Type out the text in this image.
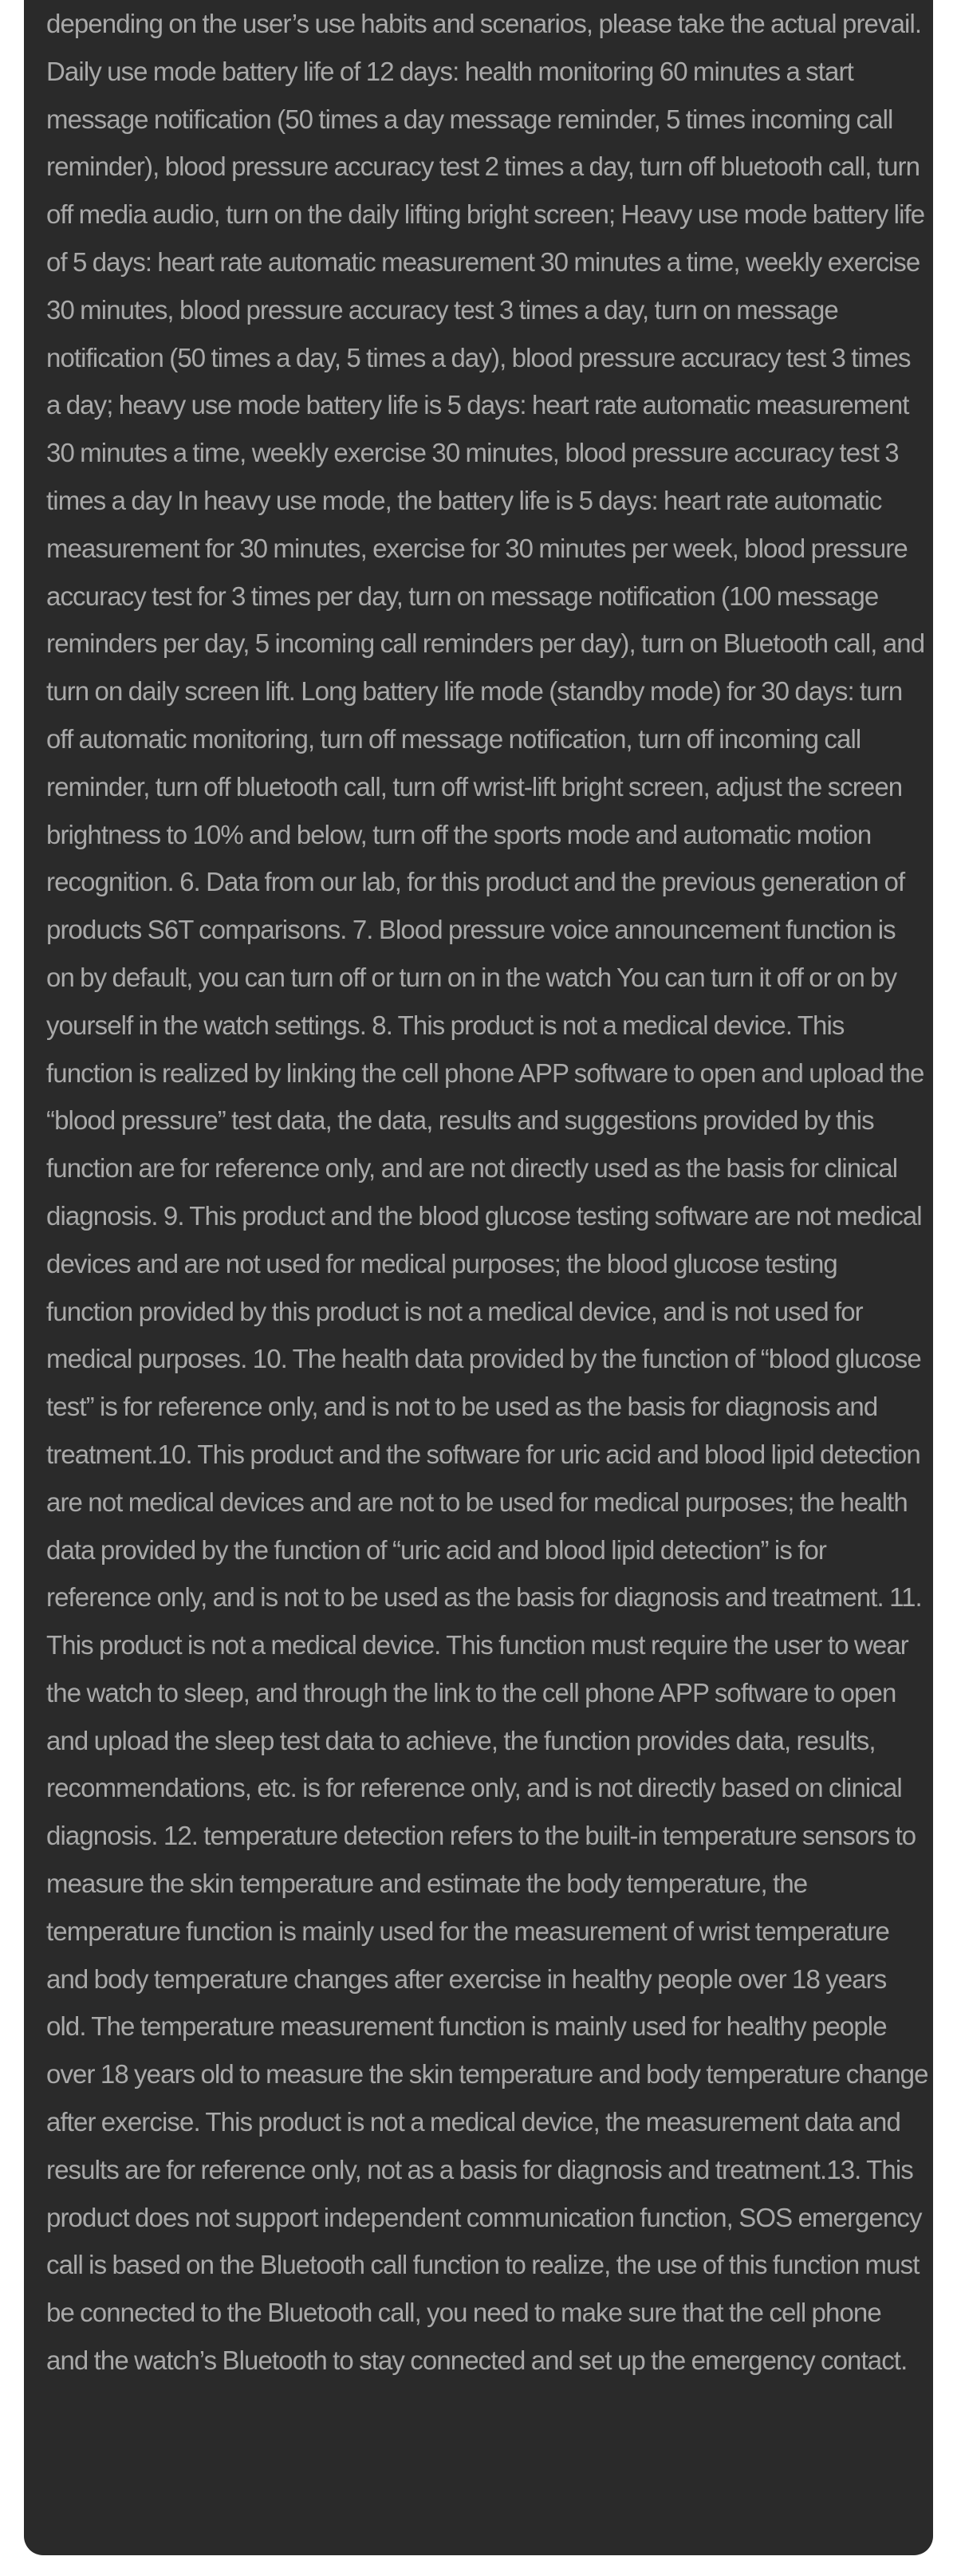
depending on the user’s use habits and scenarios, please take the actual prevail. Daily use mode battery life of 12 days: health monitoring 60 minutes a start message notification (50 times a day message reminder, 5 times incoming call reminder), blood pressure accuracy test 2 times a day, turn off bluetooth call, turn off media audio, turn on the daily lifting bright screen; Heavy use mode battery life of 5 days: heart rate automatic measurement 30 minutes a time, weekly exercise 30 minutes, blood pressure accuracy test 3 times a day, turn on message notification (50 times a day, 5 times a day), blood pressure accuracy test 3 times a day; heavy use mode battery life is 5 days: heart rate automatic measurement 30 minutes a time, weekly exercise 30 minutes, blood pressure accuracy test 3 times a day In heavy use mode, the battery life is 5 days: heart rate automatic measurement for 30 minutes, exercise for 30 minutes per week, blood pressure accuracy test for 3 times per day, turn on message notification (100 message reminders per day, 5 incoming call reminders per day), turn on Bluetooth call, and turn on daily screen lift. Long battery life mode (standby mode) for 30 days: turn off automatic monitoring, turn off message notification, turn off incoming call reminder, turn off bluetooth call, turn off wrist-lift bright screen, adjust the screen brightness to 10% and below, turn off the sports mode and automatic motion recognition. 6. Data from our lab, for this product and the previous generation of products S6T comparisons. 7. Blood pressure voice announcement function is on by default, you can turn off or turn on in the watch You can turn it off or on by yourself in the watch settings. 8. This product is not a medical device. This function is realized by linking the cell phone APP software to open and upload the “blood pressure” test data, the data, results and suggestions provided by this function are for reference only, and are not directly used as the basis for clinical diagnosis. 9. This product and the blood glucose testing software are not medical devices and are not used for medical purposes; the blood glucose testing function provided by this product is not a medical device, and is not used for medical purposes. 10. The health data provided by the function of “blood glucose test” is for reference only, and is not to be used as the basis for diagnosis and treatment.10. This product and the software for uric acid and blood lipid detection are not medical devices and are not to be used for medical purposes; the health data provided by the function of “uric acid and blood lipid detection” is for reference only, and is not to be used as the basis for diagnosis and treatment. 11. This product is not a medical device. This function must require the user to wear the watch to sleep, and through the link to the cell phone APP software to open and upload the sleep test data to achieve, the function provides data, results, recommendations, etc. is for reference only, and is not directly based on clinical diagnosis. 12. temperature detection refers to the built-in temperature sensors to measure the skin temperature and estimate the body temperature, the temperature function is mainly used for the measurement of wrist temperature and body temperature changes after exercise in healthy people over 18 years old. The temperature measurement function is mainly used for healthy people over 18 years old to measure the skin temperature and body temperature change after exercise. This product is not a medical device, the measurement data and results are for reference only, not as a basis for diagnosis and treatment.13. This product does not support independent communication function, SOS emergency call is based on the Bluetooth call function to realize, the use of this function must be connected to the Bluetooth call, you need to make sure that the cell phone and the watch’s Bluetooth to stay connected and set up the emergency contact.
